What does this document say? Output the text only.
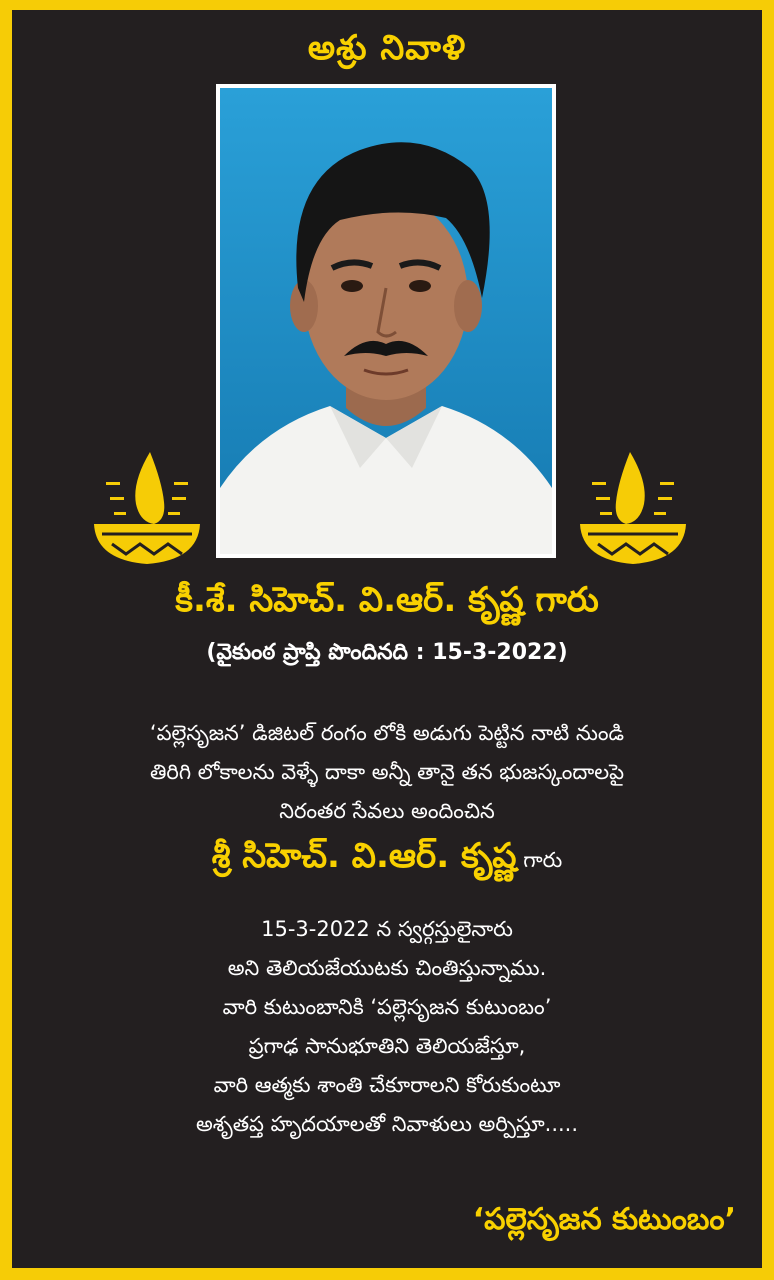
అశ్రు నివాళి
కీ.శే. సిహెచ్. వి.ఆర్. కృష్ణ గారు
(వైకుంఠ ప్రాప్తి పొందినది : 15-3-2022)
‘పల్లెసృజన’ డిజిటల్ రంగం లోకి అడుగు పెట్టిన నాటి నుండి
తిరిగి లోకాలను వెళ్ళే దాకా అన్నీ తానై తన భుజస్కందాలపై
నిరంతర సేవలు అందించిన
శ్రీ సిహెచ్. వి.ఆర్. కృష్ణ గారు
15-3-2022 న స్వర్గస్తులైనారు
అని తెలియజేయుటకు చింతిస్తున్నాము.
వారి కుటుంబానికి ‘పల్లెసృజన కుటుంబం’
ప్రగాఢ సానుభూతిని తెలియజేస్తూ,
వారి ఆత్మకు శాంతి చేకూరాలని కోరుకుంటూ
అశృతప్త హృదయాలతో నివాళులు అర్పిస్తూ.....
‘పల్లెసృజన కుటుంబం’
